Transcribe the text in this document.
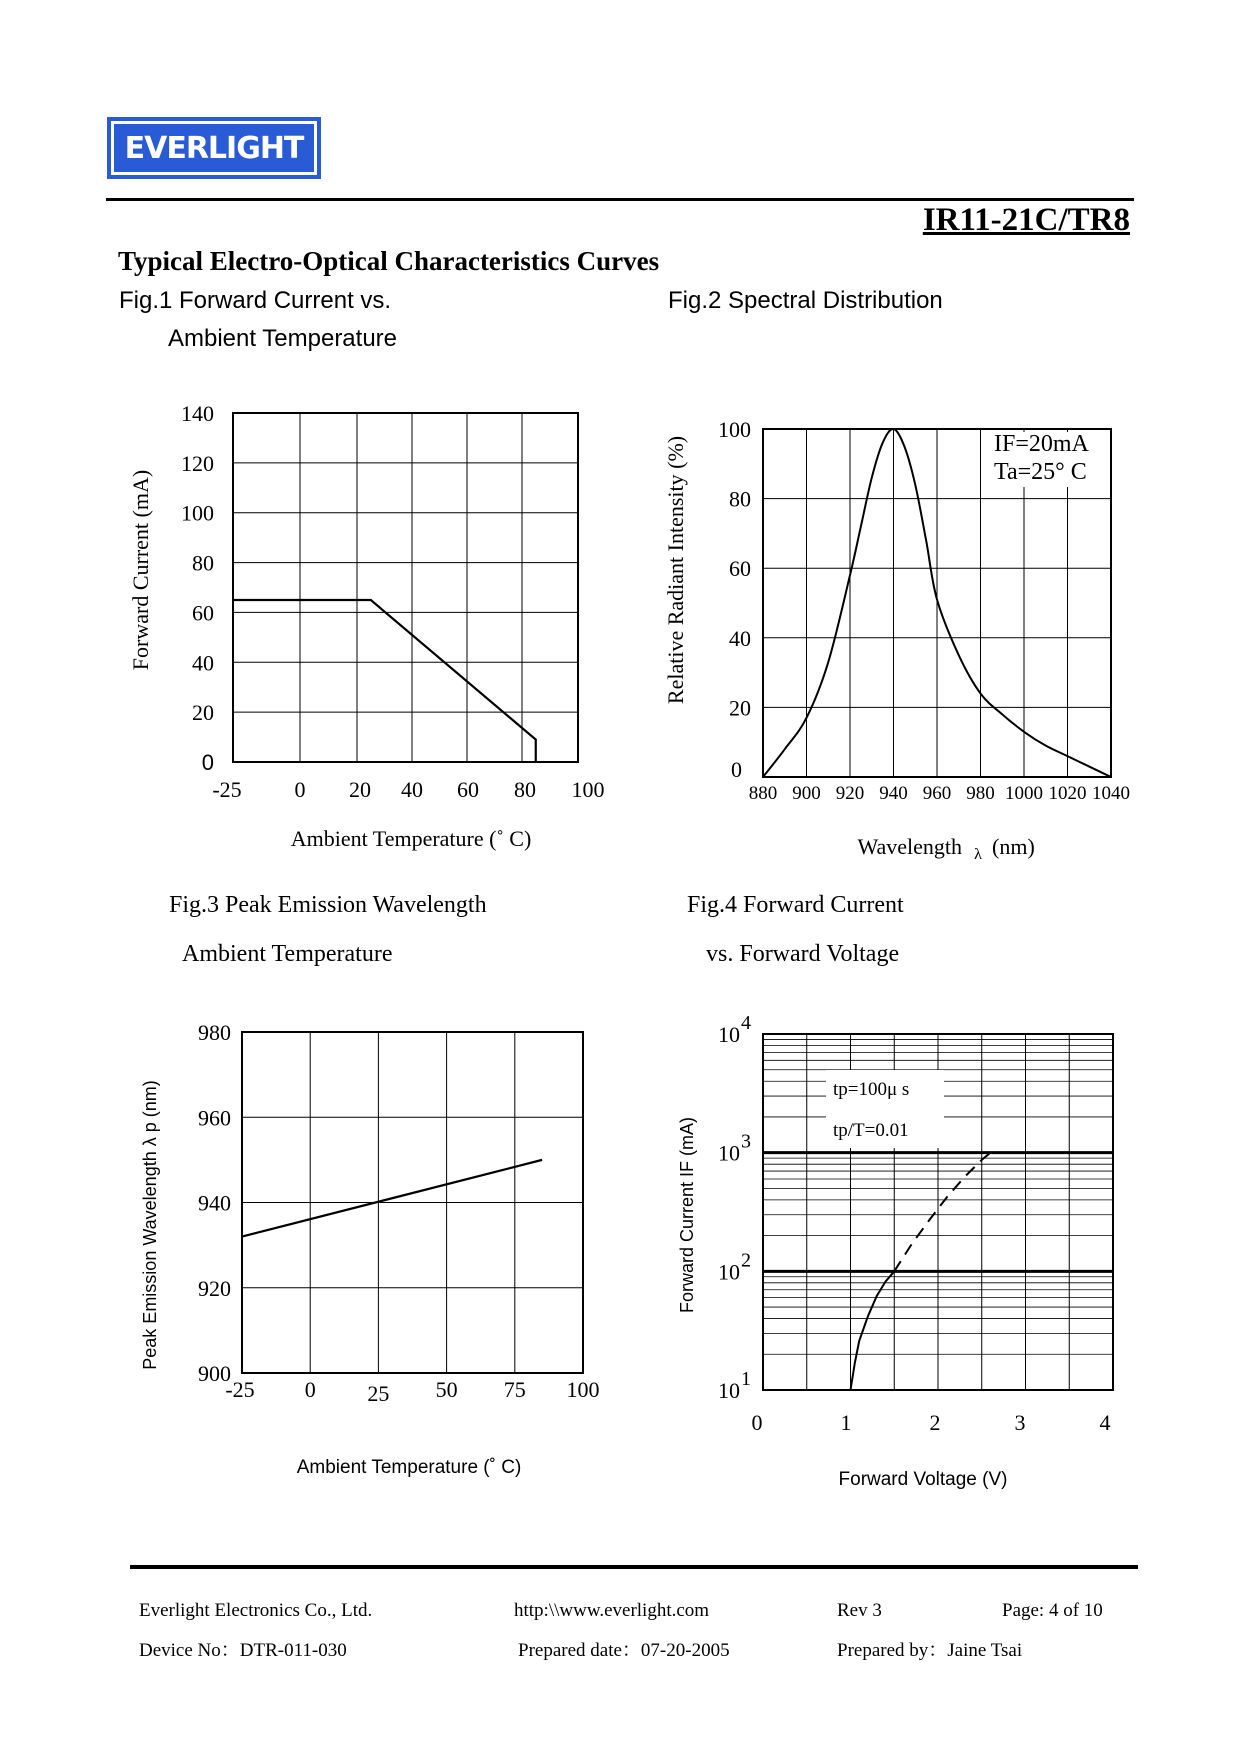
EVERLIGHT
IR11-21C/TR8
Typical Electro-Optical Characteristics Curves
Fig.1 Forward Current vs.
Ambient Temperature
Fig.2 Spectral Distribution
Fig.3 Peak Emission Wavelength
Ambient Temperature
Fig.4 Forward Current
vs. Forward Voltage
-25 0 20 40 60 80 100
0
20
40
60
80
100
120
140
Forward Current (mA)
Ambient Temperature (˚ C)
880 900 920 940 960 980 1000 1020 1040
0
20
40
60
80
100
Relative Radiant Intensity (%)	IF=20mA
Ta=25° C
Wavelength λ (nm)
-25 0 25 50 75 100
900
920
940
960
980
Peak Emission Wavelength λ p (nm)
Ambient Temperature (˚ C)
0	1	2	3	4
10 1
10 2
10 3
10 4
Forward Current IF (mA)
tp=100μ s
tp/T=0.01
Forward Voltage (V)
Everlight Electronics Co., Ltd.	http:\\www.everlight.com	Rev 3	Page: 4 of 10
Device No：DTR-011-030	Prepared date：07-20-2005	Prepared by：Jaine Tsai
